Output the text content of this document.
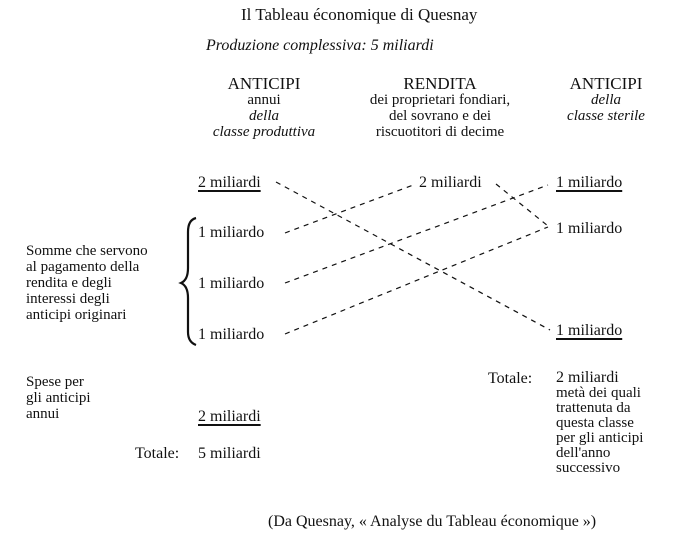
Il Tableau économique di Quesnay
Produzione complessiva: 5 miliardi
ANTICIPI
annui
della
classe produttiva
RENDITA
dei proprietari fondiari,
del sovrano e dei
riscuotitori di decime
ANTICIPI
della
classe sterile
2 miliardi
1 miliardo
1 miliardo
1 miliardo
2 miliardi
Totale: 5 miliardi
2 miliardi	1 miliardo
1 miliardo
1 miliardo
Totale: 2 miliardi
metà dei quali
trattenuta da
questa classe
per gli anticipi
dell'anno
successivo
Somme che servono
al pagamento della
rendita e degli
interessi degli
anticipi originari
Spese per
gli anticipi
annui
(Da Quesnay, « Analyse du Tableau économique »)
